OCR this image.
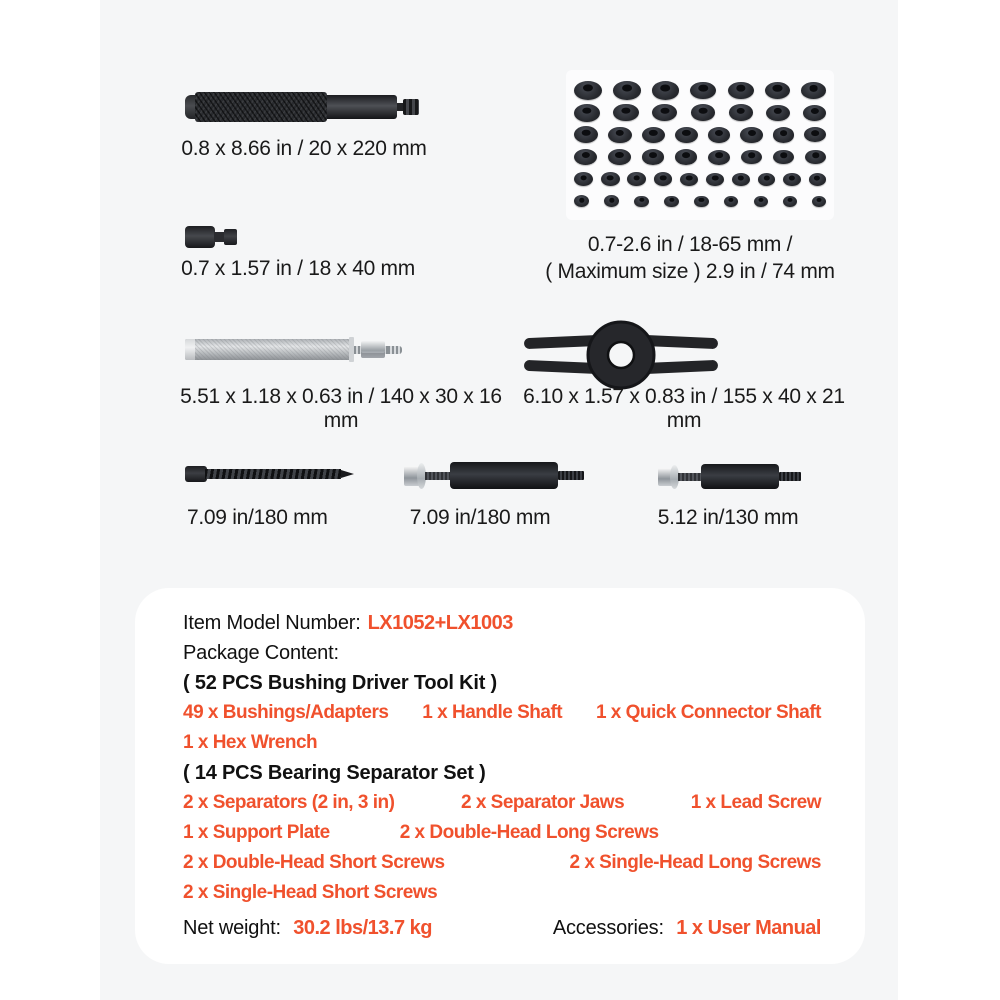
0.8 x 8.66 in / 20 x 220 mm
0.7-2.6 in / 18-65 mm /
( Maximum size ) 2.9 in / 74 mm
0.7 x 1.57 in / 18 x 40 mm
5.51 x 1.18 x 0.63 in / 140 x 30 x 16 mm
6.10 x 1.57 x 0.83 in / 155 x 40 x 21 mm
7.09 in/180 mm	7.09 in/180 mm	5.12 in/130 mm
Item Model Number: LX1052+LX1003
Package Content:
( 52 PCS Bushing Driver Tool Kit )
49 x Bushings/Adapters 1 x Handle Shaft 1 x Quick Connector Shaft
1 x Hex Wrench
( 14 PCS Bearing Separator Set )
2 x Separators (2 in, 3 in)	2 x Separator Jaws	1 x Lead Screw
1 x Support Plate	2 x Double-Head Long Screws
2 x Double-Head Short Screws	2 x Single-Head Long Screws
2 x Single-Head Short Screws
Net weight: 30.2 lbs/13.7 kg	Accessories: 1 x User Manual
